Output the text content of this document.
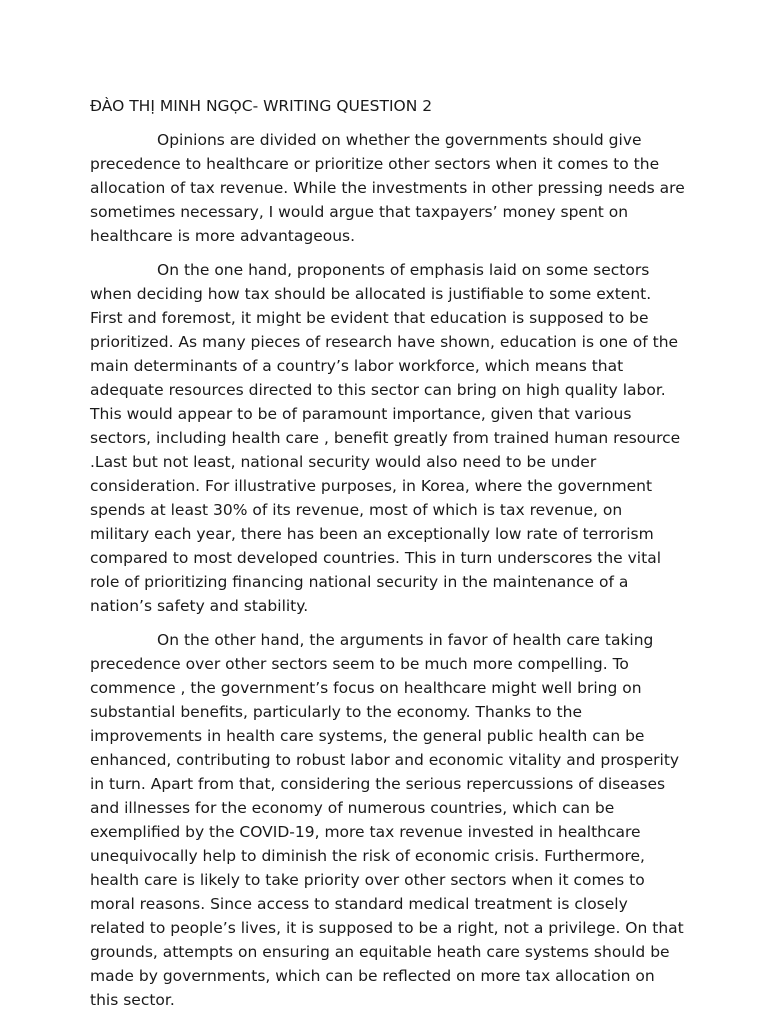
ĐÀO THỊ MINH NGỌC- WRITING QUESTION 2

Opinions are divided on whether the governments should give precedence to healthcare or prioritize other sectors when it comes to the allocation of tax revenue. While the investments in other pressing needs are sometimes necessary, I would argue that taxpayers’ money spent on healthcare is more advantageous.

On the one hand, proponents of emphasis laid on some sectors when deciding how tax should be allocated is justifiable to some extent. First and foremost, it might be evident that education is supposed to be prioritized. As many pieces of research have shown, education is one of the main determinants of a country’s labor workforce, which means that adequate resources directed to this sector can bring on high quality labor. This would appear to be of paramount importance, given that various sectors, including health care , benefit greatly from trained human resource .Last but not least, national security would also need to be under consideration. For illustrative purposes, in Korea, where the government spends at least 30% of its revenue, most of which is tax revenue, on military each year, there has been an exceptionally low rate of terrorism compared to most developed countries. This in turn underscores the vital role of prioritizing financing national security in the maintenance of a nation’s safety and stability.

On the other hand, the arguments in favor of health care taking precedence over other sectors seem to be much more compelling. To commence , the government’s focus on healthcare might well bring on substantial benefits, particularly to the economy. Thanks to the improvements in health care systems, the general public health can be enhanced, contributing to robust labor and economic vitality and prosperity in turn. Apart from that, considering the serious repercussions of diseases and illnesses for the economy of numerous countries, which can be exemplified by the COVID-19, more tax revenue invested in healthcare unequivocally help to diminish the risk of economic crisis. Furthermore, health care is likely to take priority over other sectors when it comes to moral reasons. Since access to standard medical treatment is closely related to people’s lives, it is supposed to be a right, not a privilege. On that grounds, attempts on ensuring an equitable heath care systems should be made by governments, which can be reflected on more tax allocation on this sector.
